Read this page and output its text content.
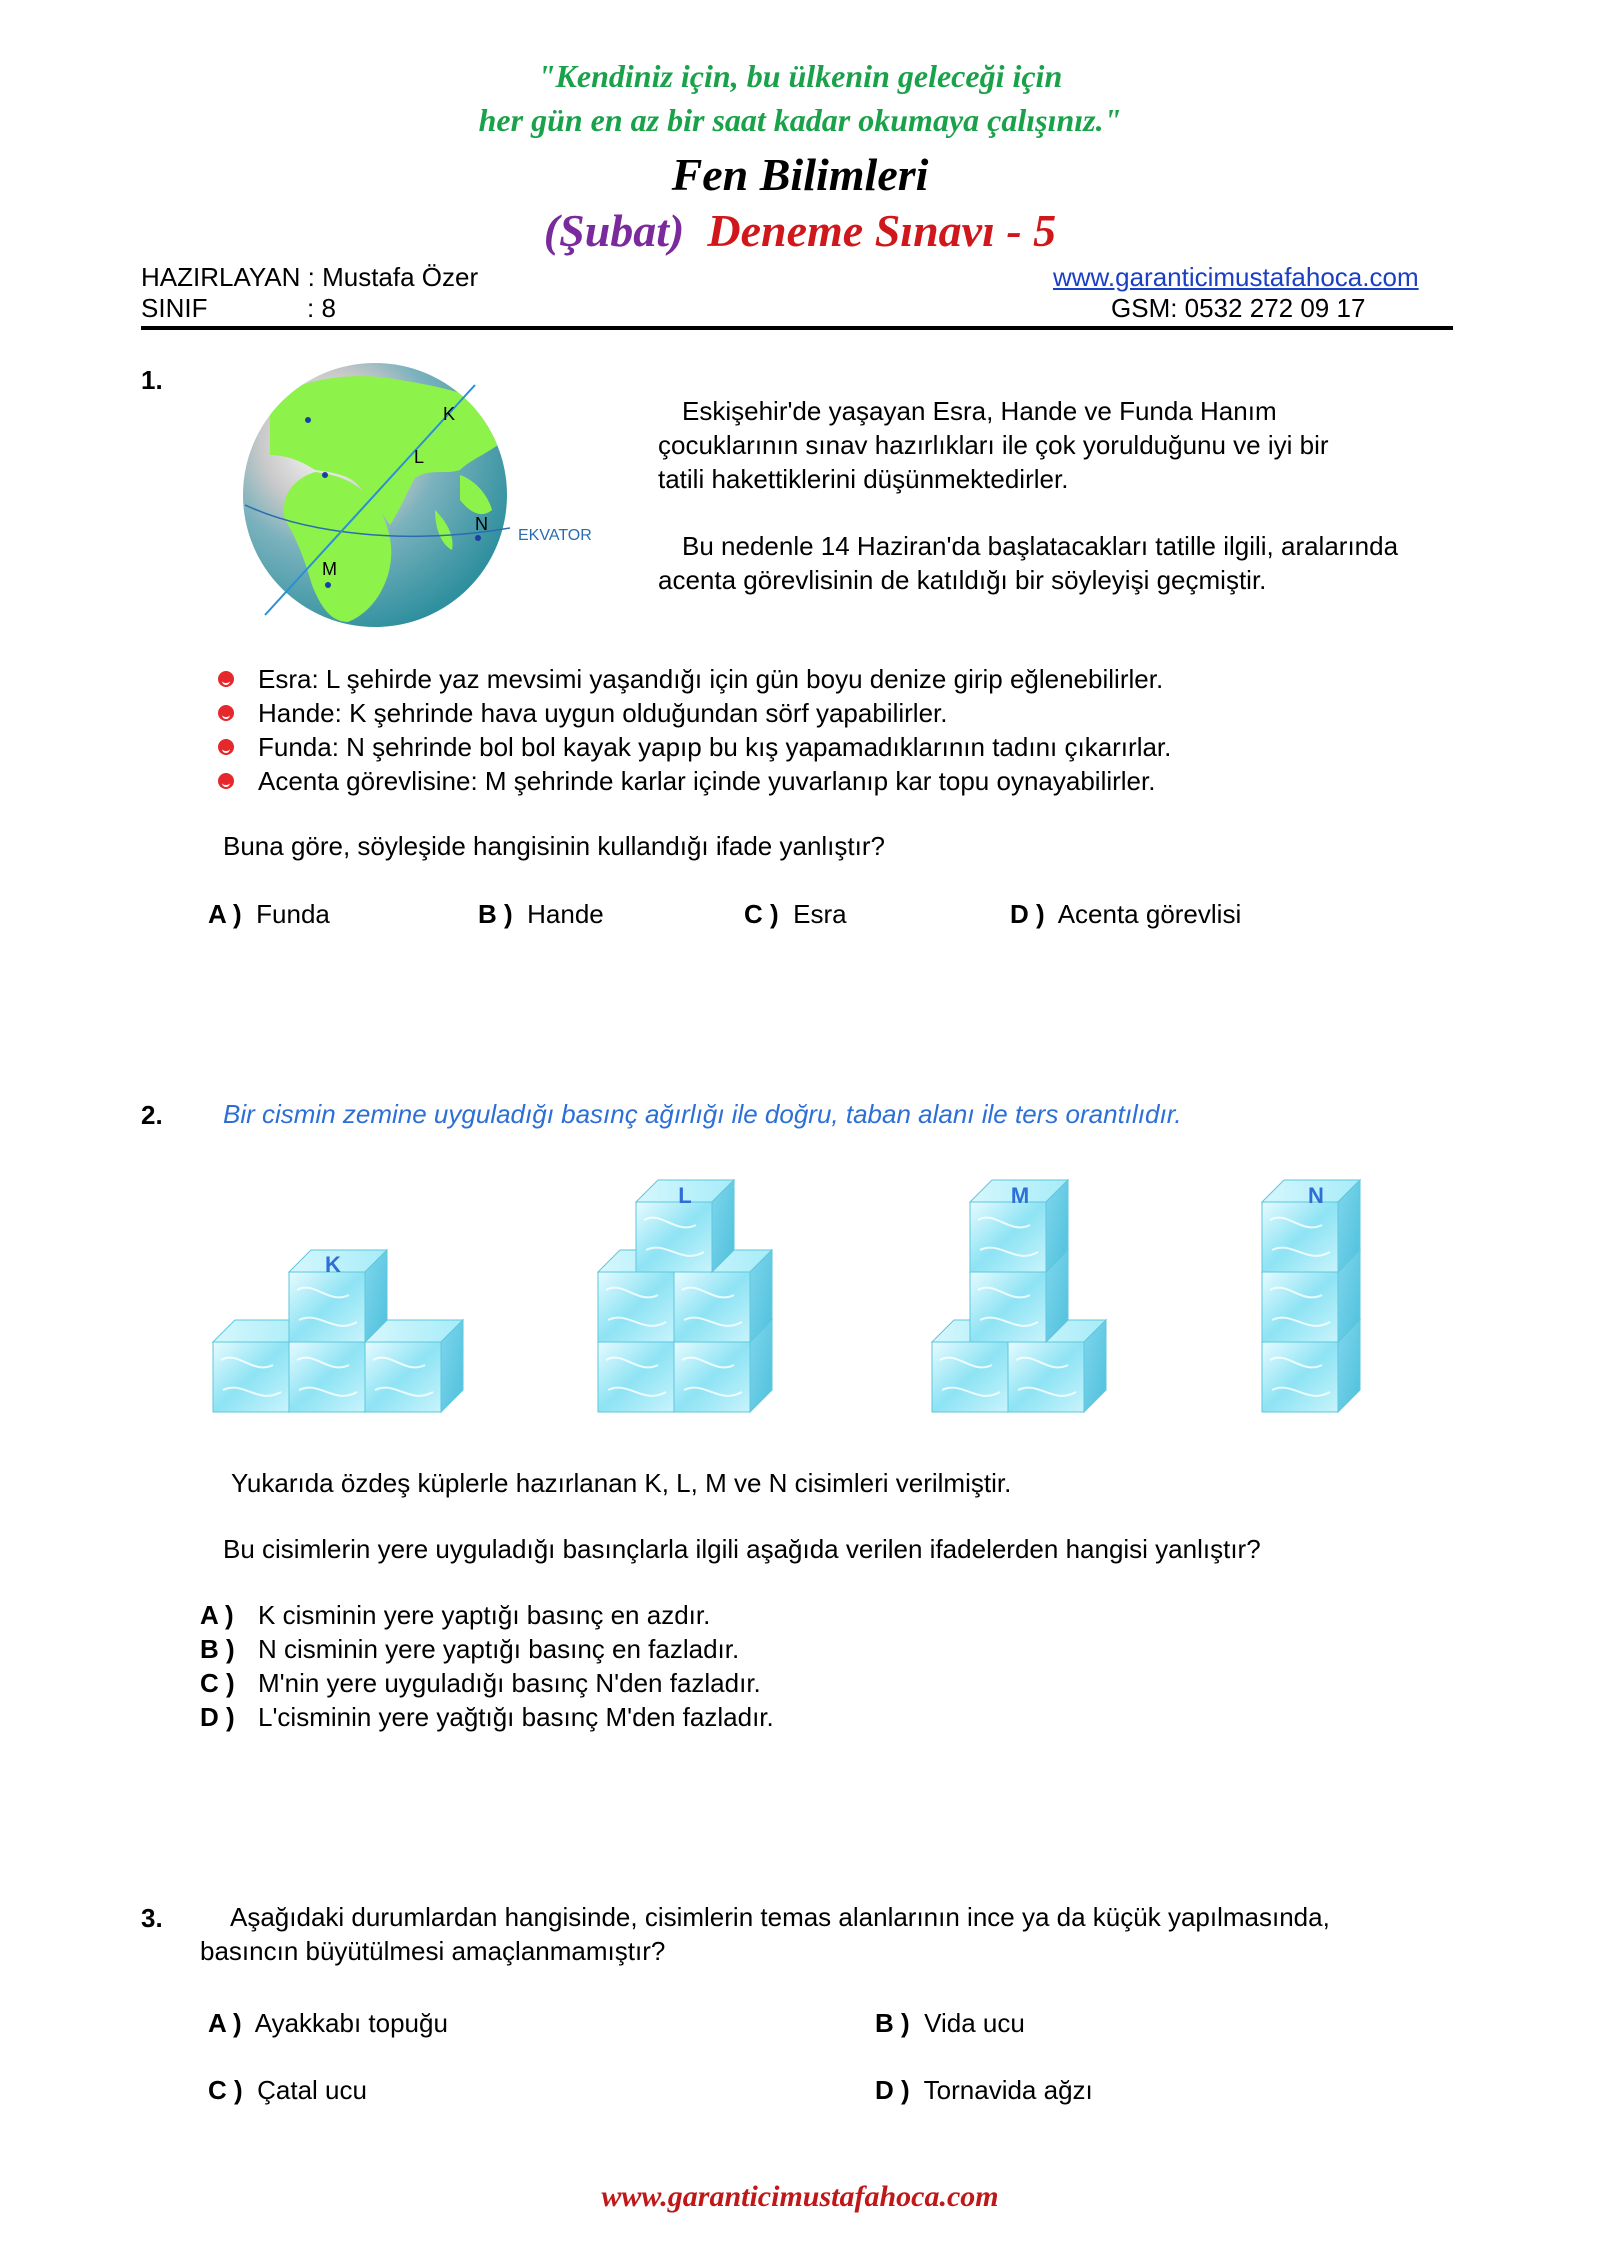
"Kendiniz için, bu ülkenin geleceği için
her gün en az bir saat kadar okumaya çalışınız."
Fen Bilimleri
(Şubat) Deneme Sınavı - 5
HAZIRLAYAN : Mustafa Özer
SINIF	: 8
www.garanticimustafahoca.com
GSM: 0532 272 09 17
1.
K
L
N
M
EKVATOR
Eskişehir'de yaşayan Esra, Hande ve Funda Hanım
çocuklarının sınav hazırlıkları ile çok yorulduğunu ve iyi bir
tatili hakettiklerini düşünmektedirler.
Bu nedenle 14 Haziran'da başlatacakları tatille ilgili, aralarında
acenta görevlisinin de katıldığı bir söyleyişi geçmiştir.
Esra: L şehirde yaz mevsimi yaşandığı için gün boyu denize girip eğlenebilirler.
Hande: K şehrinde hava uygun olduğundan sörf yapabilirler.
Funda: N şehrinde bol bol kayak yapıp bu kış yapamadıklarının tadını çıkarırlar.
Acenta görevlisine: M şehrinde karlar içinde yuvarlanıp kar topu oynayabilirler.
Buna göre, söyleşide hangisinin kullandığı ifade yanlıştır?
A ) Funda	B ) Hande	C ) Esra	D ) Acenta görevlisi
2. Bir cismin zemine uyguladığı basınç ağırlığı ile doğru, taban alanı ile ters orantılıdır.
K
L	M	N
Yukarıda özdeş küplerle hazırlanan K, L, M ve N cisimleri verilmiştir.
Bu cisimlerin yere uyguladığı basınçlarla ilgili aşağıda verilen ifadelerden hangisi yanlıştır?
A ) K cisminin yere yaptığı basınç en azdır.
B ) N cisminin yere yaptığı basınç en fazladır.
C ) M'nin yere uyguladığı basınç N'den fazladır.
D ) L'cisminin yere yağtığı basınç M'den fazladır.
3.	Aşağıdaki durumlardan hangisinde, cisimlerin temas alanlarının ince ya da küçük yapılmasında,
basıncın büyütülmesi amaçlanmamıştır?
A ) Ayakkabı topuğu	B ) Vida ucu
C ) Çatal ucu	D ) Tornavida ağzı
www.garanticimustafahoca.com
